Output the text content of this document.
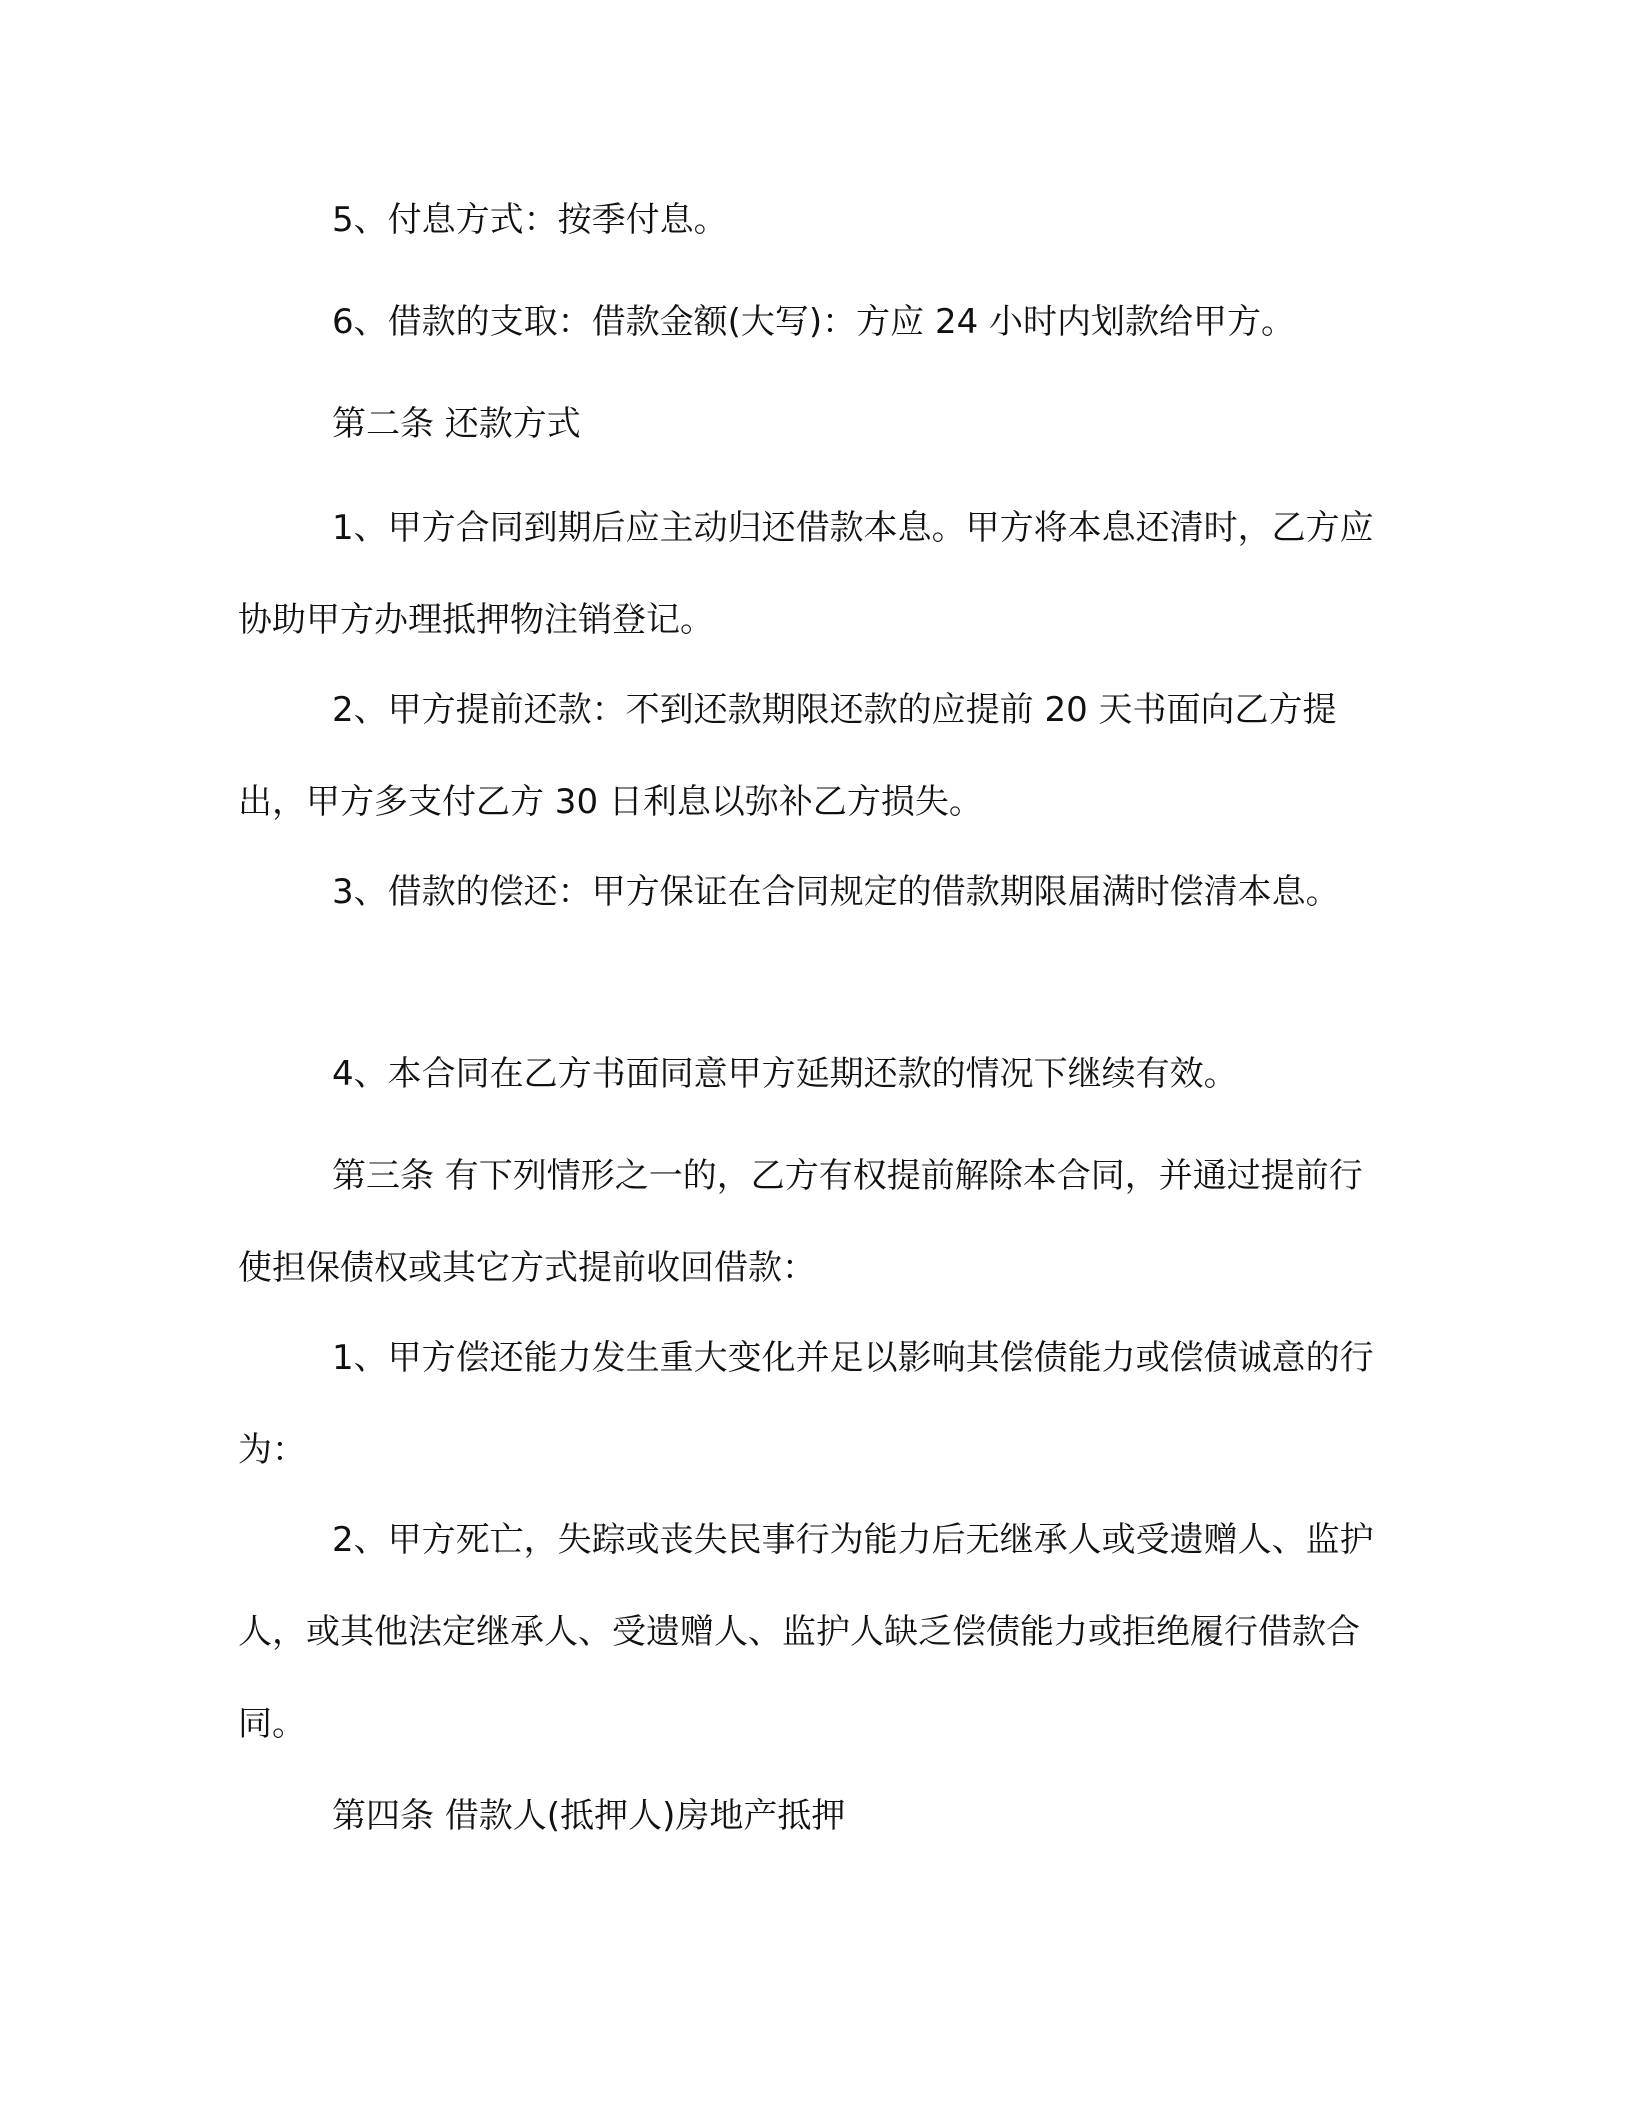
5、付息方式：按季付息。

6、借款的支取：借款金额(大写)：方应 24 小时内划款给甲方。

第二条 还款方式

1、甲方合同到期后应主动归还借款本息。甲方将本息还清时，乙方应协助甲方办理抵押物注销登记。

2、甲方提前还款：不到还款期限还款的应提前 20 天书面向乙方提出，甲方多支付乙方 30 日利息以弥补乙方损失。

3、借款的偿还：甲方保证在合同规定的借款期限届满时偿清本息。

4、本合同在乙方书面同意甲方延期还款的情况下继续有效。

第三条 有下列情形之一的，乙方有权提前解除本合同，并通过提前行使担保债权或其它方式提前收回借款：

1、甲方偿还能力发生重大变化并足以影响其偿债能力或偿债诚意的行为：

2、甲方死亡，失踪或丧失民事行为能力后无继承人或受遗赠人、监护人，或其他法定继承人、受遗赠人、监护人缺乏偿债能力或拒绝履行借款合同。

第四条 借款人(抵押人)房地产抵押
